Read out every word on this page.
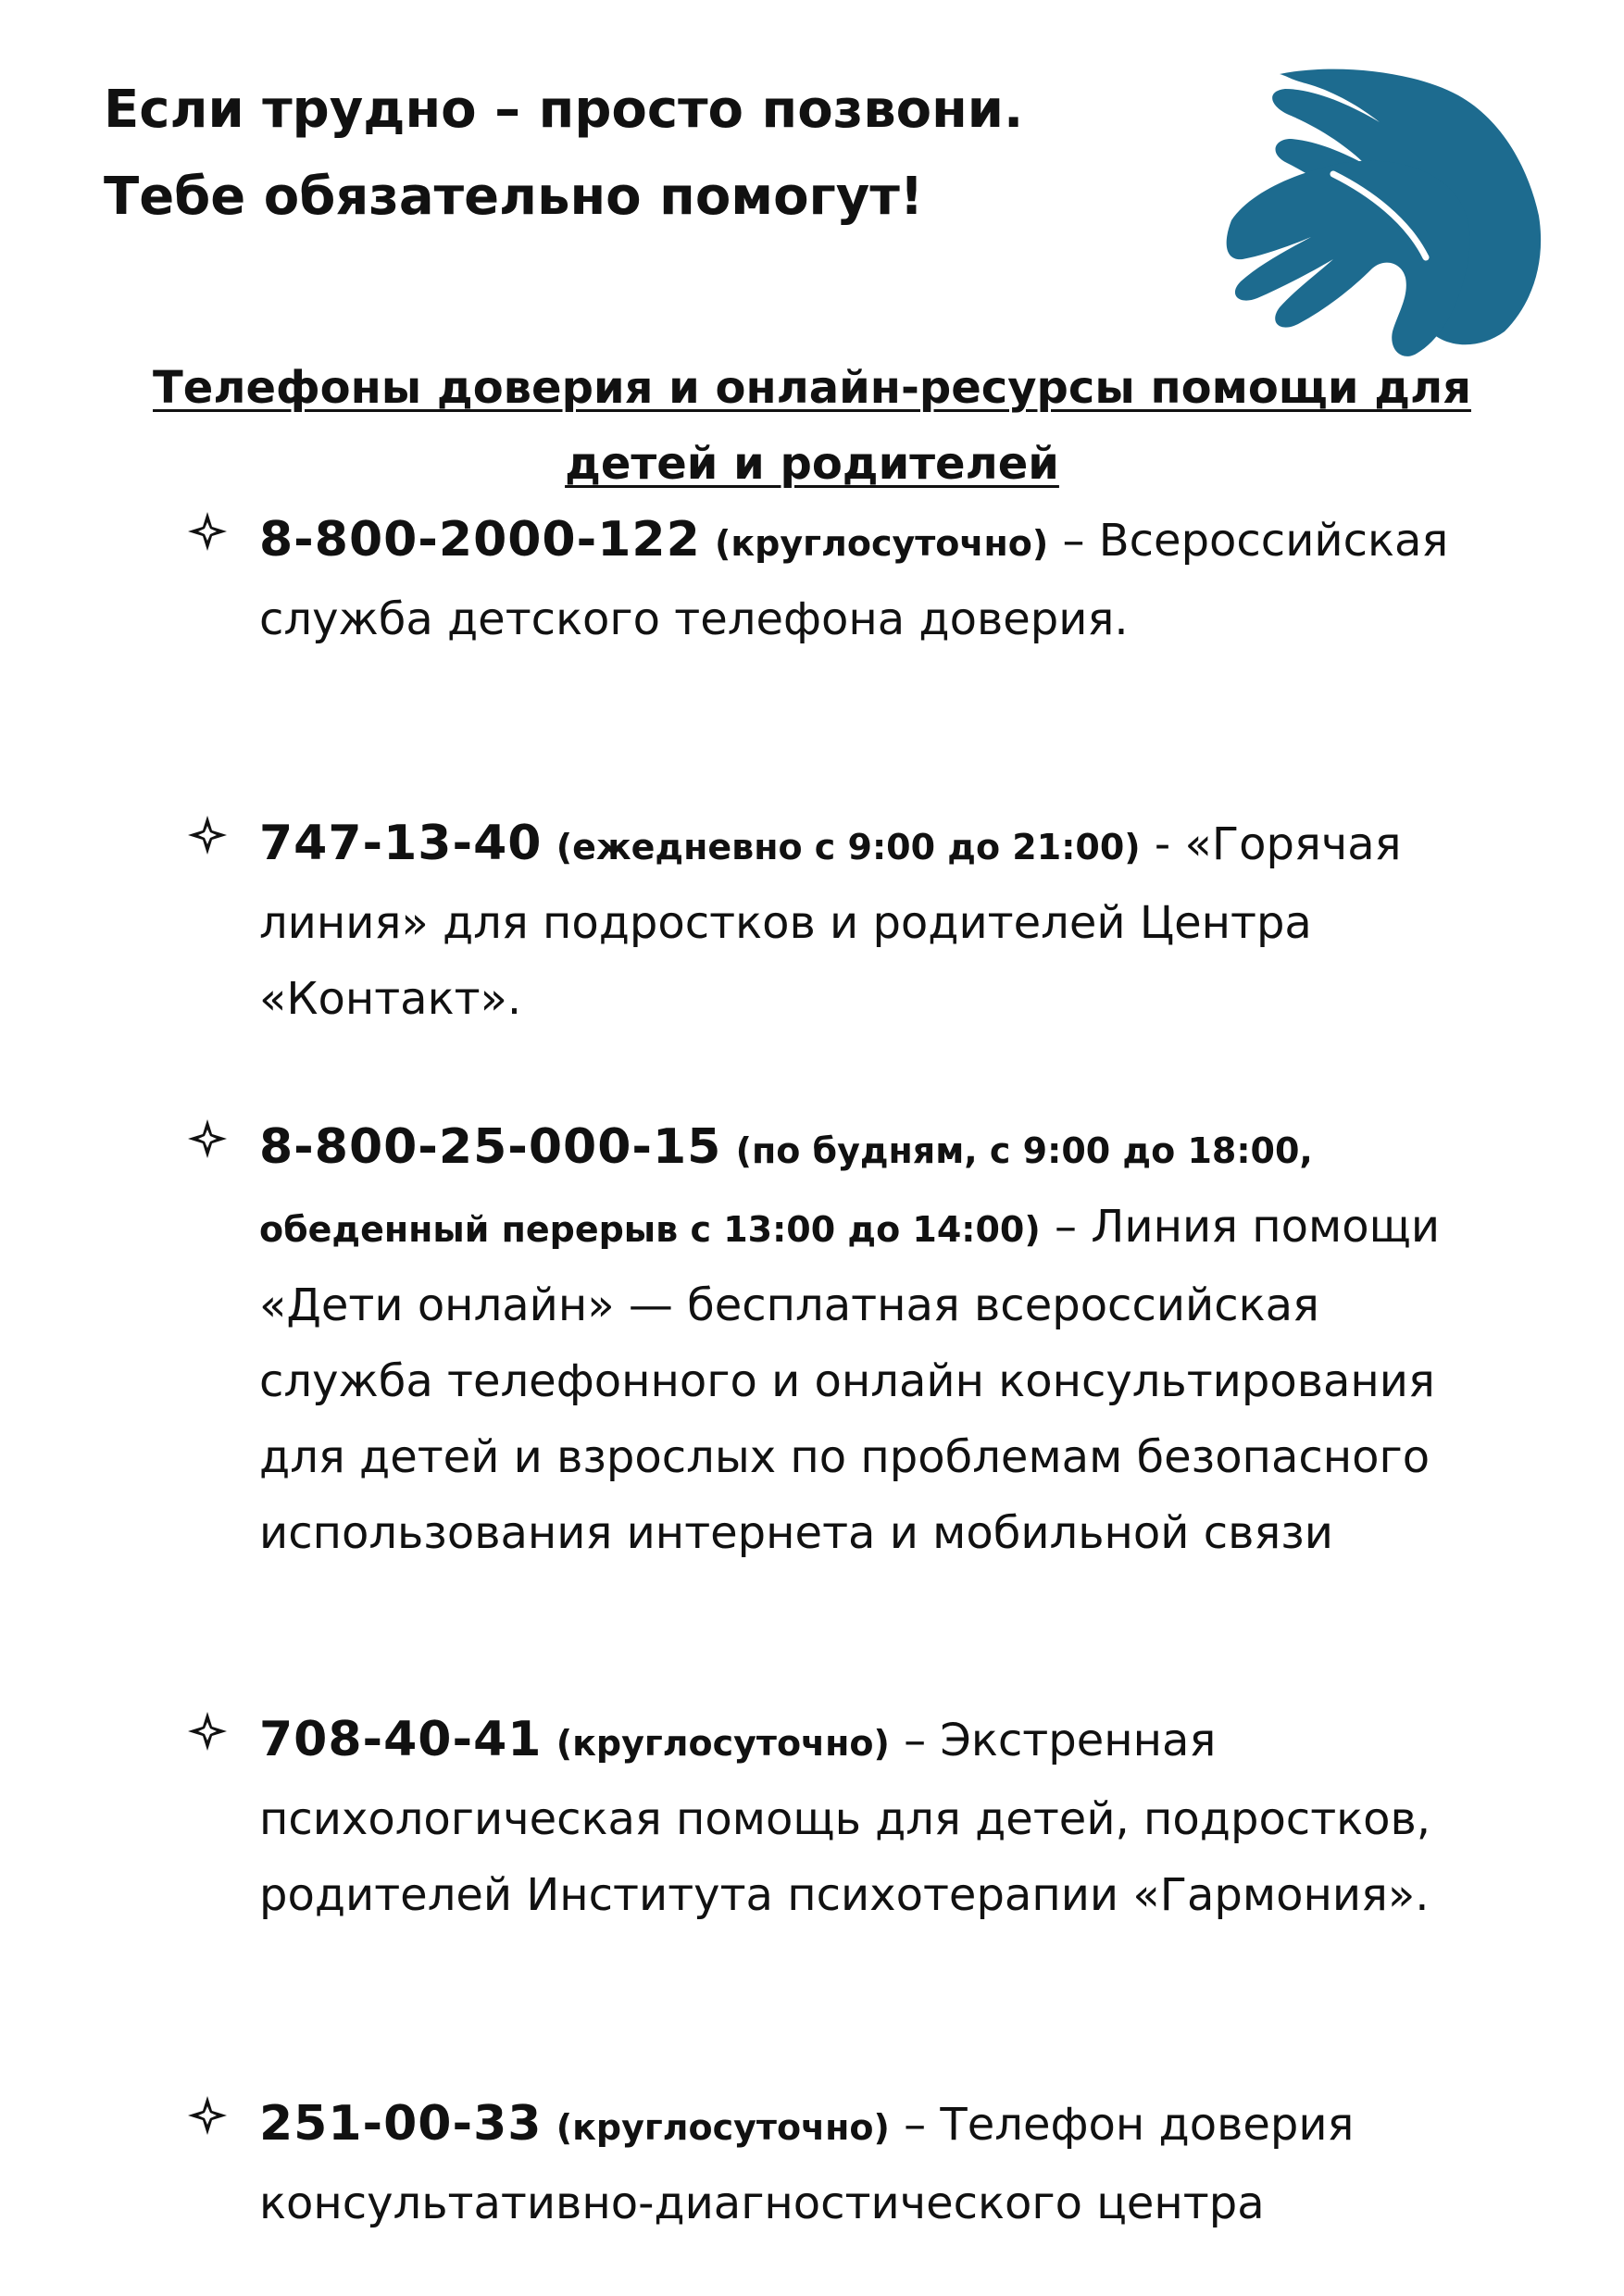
Если трудно – просто позвони.
Тебе обязательно помогут!
Телефоны доверия и онлайн-ресурсы помощи для детей и родителей
8-800-2000-122 (круглосуточно) – Всероссийская служба детского телефона доверия.
747-13-40 (ежедневно с 9:00 до 21:00) - «Горячая линия» для подростков и родителей Центра «Контакт».
8-800-25-000-15 (по будням, с 9:00 до 18:00, обеденный перерыв с 13:00 до 14:00) – Линия помощи «Дети онлайн» — бесплатная всероссийская служба телефонного и онлайн консультирования для детей и взрослых по проблемам безопасного использования интернета и мобильной связи
708-40-41 (круглосуточно) – Экстренная психологическая помощь для детей, подростков, родителей Института психотерапии «Гармония».
251-00-33 (круглосуточно) – Телефон доверия консультативно-диагностического центра
